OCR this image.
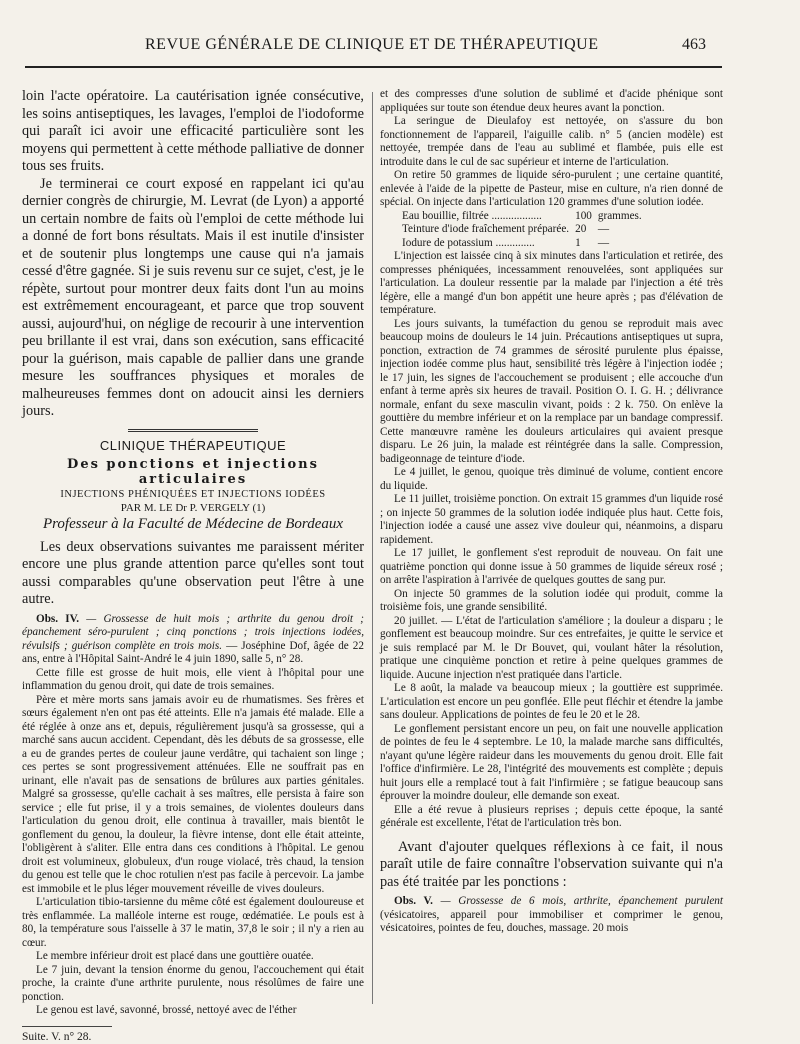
REVUE GÉNÉRALE DE CLINIQUE ET DE THÉRAPEUTIQUE	463

loin l'acte opératoire. La cautérisation ignée consécutive, les soins antiseptiques, les lavages, l'emploi de l'iodoforme qui paraît ici avoir une efficacité particulière sont les moyens qui permettent à cette méthode palliative de donner tous ses fruits.

Je terminerai ce court exposé en rappelant ici qu'au dernier congrès de chirurgie, M. Levrat (de Lyon) a apporté un certain nombre de faits où l'emploi de cette méthode lui a donné de fort bons résultats. Mais il est inutile d'insister et de soutenir plus longtemps une cause qui n'a jamais cessé d'être gagnée. Si je suis revenu sur ce sujet, c'est, je le répète, surtout pour montrer deux faits dont l'un au moins est extrêmement encourageant, et parce que trop souvent aussi, aujourd'hui, on néglige de recourir à une intervention peu brillante il est vrai, dans son exécution, sans efficacité pour la guérison, mais capable de pallier dans une grande mesure les souffrances physiques et morales de malheureuses femmes dont on adoucit ainsi les derniers jours.

CLINIQUE THÉRAPEUTIQUE
Des ponctions et injections articulaires
INJECTIONS PHÉNIQUÉES ET INJECTIONS IODÉES
PAR M. LE Dr P. VERGELY (1)
Professeur à la Faculté de Médecine de Bordeaux

Les deux observations suivantes me paraissent mériter encore une plus grande attention parce qu'elles sont tout aussi comparables qu'une observation peut l'être à une autre.

Obs. IV. — Grossesse de huit mois ; arthrite du genou droit ; épanchement séro-purulent ; cinq ponctions ; trois injections iodées, révulsifs ; guérison complète en trois mois. — Joséphine Dof, âgée de 22 ans, entre à l'Hôpital Saint-André le 4 juin 1890, salle 5, n° 28.

Cette fille est grosse de huit mois, elle vient à l'hôpital pour une inflammation du genou droit, qui date de trois semaines.

Père et mère morts sans jamais avoir eu de rhumatismes. Ses frères et sœurs également n'en ont pas été atteints. Elle n'a jamais été malade. Elle a été réglée à onze ans et, depuis, régulièrement jusqu'à sa grossesse, qui a marché sans aucun accident. Cependant, dès les débuts de sa grossesse, elle a eu de grandes pertes de couleur jaune verdâtre, qui tachaient son linge ; ces pertes se sont progressivement atténuées. Elle ne souffrait pas en urinant, elle n'avait pas de sensations de brûlures aux parties génitales. Malgré sa grossesse, qu'elle cachait à ses maîtres, elle persista à faire son service ; elle fut prise, il y a trois semaines, de violentes douleurs dans l'articulation du genou droit, elle continua à travailler, mais bientôt le gonflement du genou, la douleur, la fièvre intense, dont elle était atteinte, l'obligèrent à s'aliter. Elle entra dans ces conditions à l'hôpital. Le genou droit est volumineux, globuleux, d'un rouge violacé, très chaud, la tension du genou est telle que le choc rotulien n'est pas facile à percevoir. La jambe est immobile et le plus léger mouvement réveille de vives douleurs.

L'articulation tibio-tarsienne du même côté est également douloureuse et très enflammée. La malléole interne est rouge, œdématiée. Le pouls est à 80, la température sous l'aisselle à 37 le matin, 37,8 le soir ; il n'y a rien au cœur.

Le membre inférieur droit est placé dans une gouttière ouatée.

Le 7 juin, devant la tension énorme du genou, l'accouchement qui était proche, la crainte d'une arthrite purulente, nous résolûmes de faire une ponction.

Le genou est lavé, savonné, brossé, nettoyé avec de l'éther

Suite. V. n° 28.

et des compresses d'une solution de sublimé et d'acide phénique sont appliquées sur toute son étendue deux heures avant la ponction.

La seringue de Dieulafoy est nettoyée, on s'assure du bon fonctionnement de l'appareil, l'aiguille calib. n° 5 (ancien modèle) est nettoyée, trempée dans de l'eau au sublimé et flambée, puis elle est introduite dans le cul de sac supérieur et interne de l'articulation.

On retire 50 grammes de liquide séro-purulent ; une certaine quantité, enlevée à l'aide de la pipette de Pasteur, mise en culture, n'a rien donné de spécial. On injecte dans l'articulation 120 grammes d'une solution iodée.

Eau bouillie, filtrée ..................	100	grammes.
Teinture d'iode fraîchement préparée.	20	—
Iodure de potassium ..............	1	—

L'injection est laissée cinq à six minutes dans l'articulation et retirée, des compresses phéniquées, incessamment renouvelées, sont appliquées sur l'articulation. La douleur ressentie par la malade par l'injection a été très légère, elle a mangé d'un bon appétit une heure après ; pas d'élévation de température.

Les jours suivants, la tuméfaction du genou se reproduit mais avec beaucoup moins de douleurs le 14 juin. Précautions antiseptiques ut supra, ponction, extraction de 74 grammes de sérosité purulente plus épaisse, injection iodée comme plus haut, sensibilité très légère à l'injection iodée ; le 17 juin, les signes de l'accouchement se produisent ; elle accouche d'un enfant à terme après six heures de travail. Position O. I. G. H. ; délivrance normale, enfant du sexe masculin vivant, poids : 2 k. 750. On enlève la gouttière du membre inférieur et on la remplace par un bandage compressif. Cette manœuvre ramène les douleurs articulaires qui avaient presque disparu. Le 26 juin, la malade est réintégrée dans la salle. Compression, badigeonnage de teinture d'iode.

Le 4 juillet, le genou, quoique très diminué de volume, contient encore du liquide.

Le 11 juillet, troisième ponction. On extrait 15 grammes d'un liquide rosé ; on injecte 50 grammes de la solution iodée indiquée plus haut. Cette fois, l'injection iodée a causé une assez vive douleur qui, néanmoins, a disparu rapidement.

Le 17 juillet, le gonflement s'est reproduit de nouveau. On fait une quatrième ponction qui donne issue à 50 grammes de liquide séreux rosé ; on arrête l'aspiration à l'arrivée de quelques gouttes de sang pur.

On injecte 50 grammes de la solution iodée qui produit, comme la troisième fois, une grande sensibilité.

20 juillet. — L'état de l'articulation s'améliore ; la douleur a disparu ; le gonflement est beaucoup moindre. Sur ces entrefaites, je quitte le service et je suis remplacé par M. le Dr Bouvet, qui, voulant hâter la résolution, pratique une cinquième ponction et retire à peine quelques grammes de liquide. Aucune injection n'est pratiquée dans l'article.

Le 8 août, la malade va beaucoup mieux ; la gouttière est supprimée. L'articulation est encore un peu gonflée. Elle peut fléchir et étendre la jambe sans douleur. Applications de pointes de feu le 20 et le 28.

Le gonflement persistant encore un peu, on fait une nouvelle application de pointes de feu le 4 septembre. Le 10, la malade marche sans difficultés, n'ayant qu'une légère raideur dans les mouvements du genou droit. Elle fait l'office d'infirmière. Le 28, l'intégrité des mouvements est complète ; depuis huit jours elle a remplacé tout à fait l'infirmière ; se fatigue beaucoup sans éprouver la moindre douleur, elle demande son exeat.

Elle a été revue à plusieurs reprises ; depuis cette époque, la santé générale est excellente, l'état de l'articulation très bon.

Avant d'ajouter quelques réflexions à ce fait, il nous paraît utile de faire connaître l'observation suivante qui n'a pas été traitée par les ponctions :

Obs. V. — Grossesse de 6 mois, arthrite, épanchement purulent (vésicatoires, appareil pour immobiliser et comprimer le genou, vésicatoires, pointes de feu, douches, massage. 20 mois
